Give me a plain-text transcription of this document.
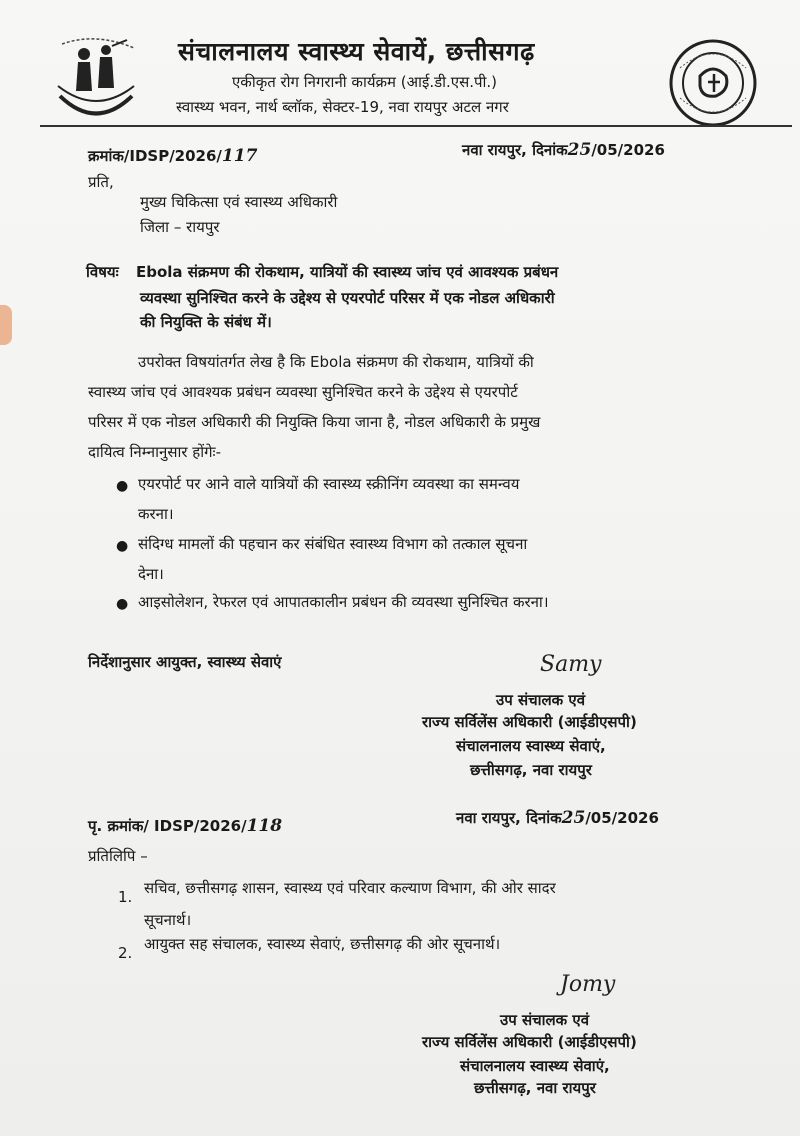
संचालनालय स्वास्थ्य सेवायें, छत्तीसगढ़
एकीकृत रोग निगरानी कार्यक्रम (आई.डी.एस.पी.)
स्वास्थ्य भवन, नार्थ ब्लॉक, सेक्टर-19, नवा रायपुर अटल नगर
क्रमांक/IDSP/2026/117	नवा रायपुर, दिनांक25/05/2026
प्रति,
मुख्य चिकित्सा एवं स्वास्थ्य अधिकारी
जिला – रायपुर
विषयः Ebola संक्रमण की रोकथाम, यात्रियों की स्वास्थ्य जांच एवं आवश्यक प्रबंधन
व्यवस्था सुनिश्चित करने के उद्देश्य से एयरपोर्ट परिसर में एक नोडल अधिकारी
की नियुक्ति के संबंध में।
उपरोक्त विषयांतर्गत लेख है कि Ebola संक्रमण की रोकथाम, यात्रियों की
स्वास्थ्य जांच एवं आवश्यक प्रबंधन व्यवस्था सुनिश्चित करने के उद्देश्य से एयरपोर्ट
परिसर में एक नोडल अधिकारी की नियुक्ति किया जाना है, नोडल अधिकारी के प्रमुख
दायित्व निम्नानुसार होंगेः-
● एयरपोर्ट पर आने वाले यात्रियों की स्वास्थ्य स्क्रीनिंग व्यवस्था का समन्वय
करना।
● संदिग्ध मामलों की पहचान कर संबंधित स्वास्थ्य विभाग को तत्काल सूचना
देना।
● आइसोलेशन, रेफरल एवं आपातकालीन प्रबंधन की व्यवस्था सुनिश्चित करना।
निर्देशानुसार आयुक्त, स्वास्थ्य सेवाएं	Samy
उप संचालक एवं
राज्य सर्विलेंस अधिकारी (आईडीएसपी)
संचालनालय स्वास्थ्य सेवाएं,
छत्तीसगढ़, नवा रायपुर
पृ. क्रमांक/ IDSP/2026/118	नवा रायपुर, दिनांक25/05/2026
प्रतिलिपि –
1. सचिव, छत्तीसगढ़ शासन, स्वास्थ्य एवं परिवार कल्याण विभाग, की ओर सादर
सूचनार्थ।
2. आयुक्त सह संचालक, स्वास्थ्य सेवाएं, छत्तीसगढ़ की ओर सूचनार्थ।
Jomy
उप संचालक एवं
राज्य सर्विलेंस अधिकारी (आईडीएसपी)
संचालनालय स्वास्थ्य सेवाएं,
छत्तीसगढ़, नवा रायपुर
